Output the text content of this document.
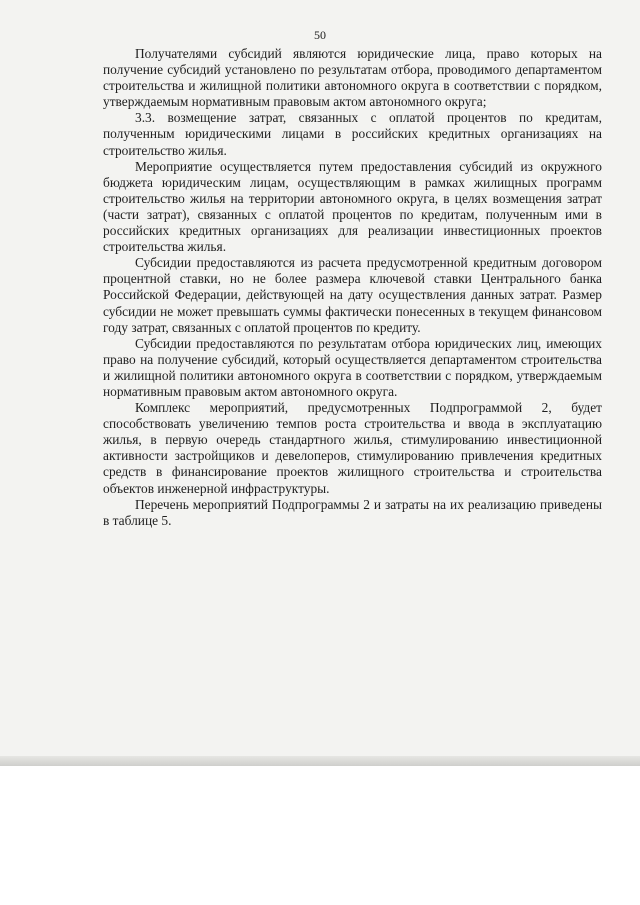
50

Получателями субсидий являются юридические лица, право которых на получение субсидий установлено по результатам отбора, проводимого департаментом строительства и жилищной политики автономного округа в соответствии с порядком, утверждаемым нормативным правовым актом автономного округа;

3.3. возмещение затрат, связанных с оплатой процентов по кредитам, полученным юридическими лицами в российских кредитных организациях на строительство жилья.

Мероприятие осуществляется путем предоставления субсидий из окружного бюджета юридическим лицам, осуществляющим в рамках жилищных программ строительство жилья на территории автономного округа, в целях возмещения затрат (части затрат), связанных с оплатой процентов по кредитам, полученным ими в российских кредитных организациях для реализации инвестиционных проектов строительства жилья.

Субсидии предоставляются из расчета предусмотренной кредитным договором процентной ставки, но не более размера ключевой ставки Центрального банка Российской Федерации, действующей на дату осуществления данных затрат. Размер субсидии не может превышать суммы фактически понесенных в текущем финансовом году затрат, связанных с оплатой процентов по кредиту.

Субсидии предоставляются по результатам отбора юридических лиц, имеющих право на получение субсидий, который осуществляется департаментом строительства и жилищной политики автономного округа в соответствии с порядком, утверждаемым нормативным правовым актом автономного округа.

Комплекс мероприятий, предусмотренных Подпрограммой 2, будет способствовать увеличению темпов роста строительства и ввода в эксплуатацию жилья, в первую очередь стандартного жилья, стимулированию инвестиционной активности застройщиков и девелоперов, стимулированию привлечения кредитных средств в финансирование проектов жилищного строительства и строительства объектов инженерной инфраструктуры.

Перечень мероприятий Подпрограммы 2 и затраты на их реализацию приведены в таблице 5.
